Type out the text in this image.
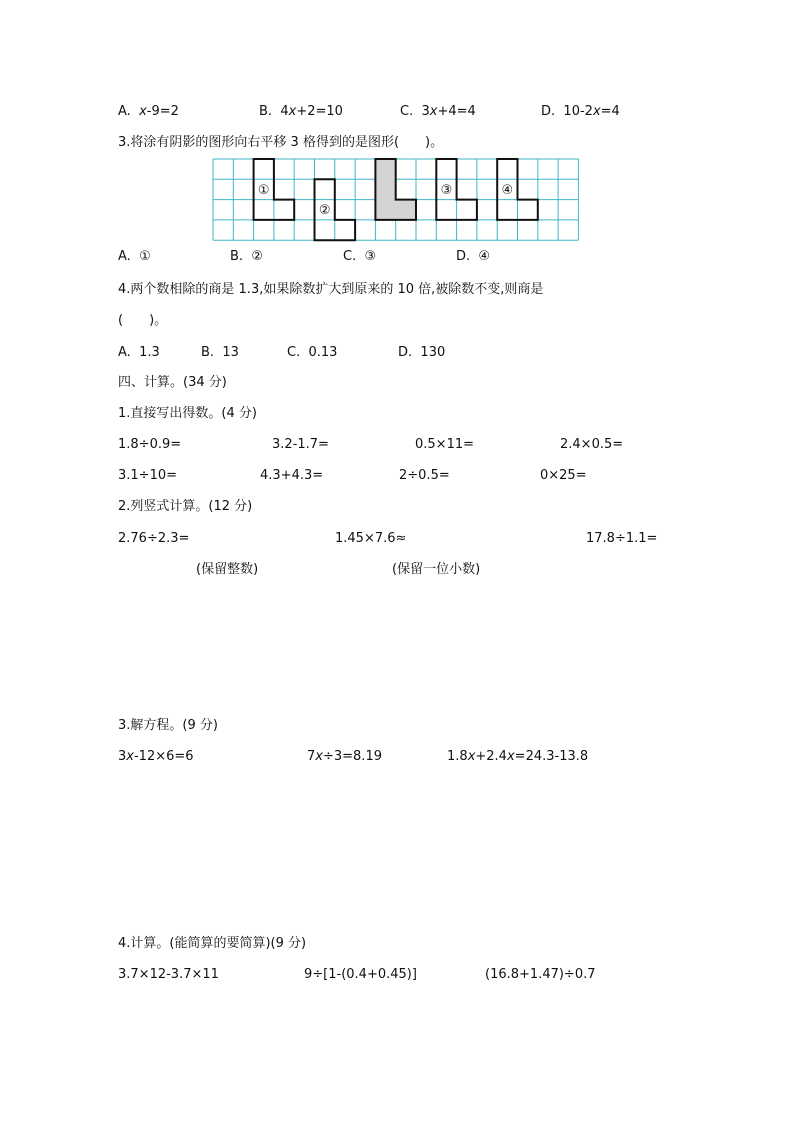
A. x-9=2	B. 4x+2=10	C. 3x+4=4	D. 10-2x=4
3.将涂有阴影的图形向右平移 3 格得到的是图形(　　)。
①
②
③	④
A. ①	B. ②	C. ③	D. ④
4.两个数相除的商是 1.3,如果除数扩大到原来的 10 倍,被除数不变,则商是
(　　)。
A. 1.3	B. 13	C. 0.13	D. 130
四、计算。(34 分)
1.直接写出得数。(4 分)
1.8÷0.9=	3.2-1.7=	0.5×11=	2.4×0.5=
3.1÷10=	4.3+4.3=	2÷0.5=	0×25=
2.列竖式计算。(12 分)
2.76÷2.3=	1.45×7.6≈	17.8÷1.1=
(保留整数)	(保留一位小数)
3.解方程。(9 分)
3x-12×6=6	7x÷3=8.19	1.8x+2.4x=24.3-13.8
4.计算。(能简算的要简算)(9 分)
3.7×12-3.7×11	9÷[1-(0.4+0.45)]	(16.8+1.47)÷0.7
